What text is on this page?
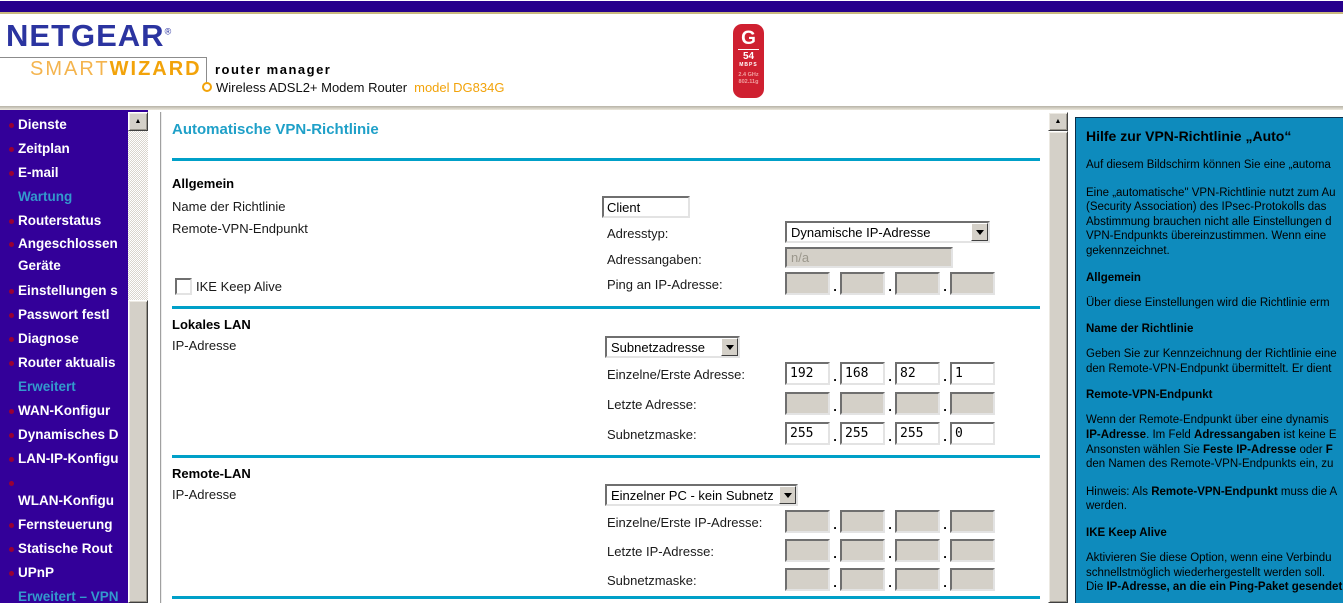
NETGEAR®
SMARTWIZARD router manager
Wireless ADSL2+ Modem Router model DG834G
G
54
MBPS
2.4 GHz
802.11g
Dienste
Zeitplan
E-mail
Wartung
Routerstatus
Angeschlossen
Geräte
Einstellungen s
Passwort festl
Diagnose
Router aktualis
Erweitert
WAN-Konfigur
Dynamisches D
LAN-IP-Konfigu
WLAN-Konfigu
Fernsteuerung
Statische Rout
UPnP
Erweitert – VPN
▲ Automatische VPN-Richtlinie
Allgemein
Name der Richtlinie
Client
Remote-VPN-Endpunkt	Adresstyp:	Dynamische IP-Adresse
Adressangaben:	n/a
Ping an IP-Adresse:	.	.	.
IKE Keep Alive
Lokales LAN
IP-Adresse	Subnetzadresse
Einzelne/Erste Adresse:	192	. 168	. 82	. 1
Letzte Adresse:	.	.	.
Subnetzmaske:	255	. 255	. 255	. 0
Remote-LAN
IP-Adresse	Einzelner PC - kein Subnetz
Einzelne/Erste IP-Adresse:	.	.	.
Letzte IP-Adresse:	.	.	.
Subnetzmaske:	.	.	.
▲
Hilfe zur VPN-Richtlinie „Auto“
Auf diesem Bildschirm können Sie eine „automa
Eine „automatische" VPN-Richtlinie nutzt zum Au
(Security Association) des IPsec-Protokolls das
Abstimmung brauchen nicht alle Einstellungen d
VPN-Endpunkts übereinzustimmen. Wenn eine
gekennzeichnet.
Allgemein
Über diese Einstellungen wird die Richtlinie erm
Name der Richtlinie
Geben Sie zur Kennzeichnung der Richtlinie eine
den Remote-VPN-Endpunkt übermittelt. Er dient
Remote-VPN-Endpunkt
Wenn der Remote-Endpunkt über eine dynamis
IP-Adresse. Im Feld Adressangaben ist keine E
Ansonsten wählen Sie Feste IP-Adresse oder F
den Namen des Remote-VPN-Endpunkts ein, zu
Hinweis: Als Remote-VPN-Endpunkt muss die A
werden.
IKE Keep Alive
Aktivieren Sie diese Option, wenn eine Verbindu
schnellstmöglich wiederhergestellt werden soll.
Die IP-Adresse, an die ein Ping-Paket gesendet
